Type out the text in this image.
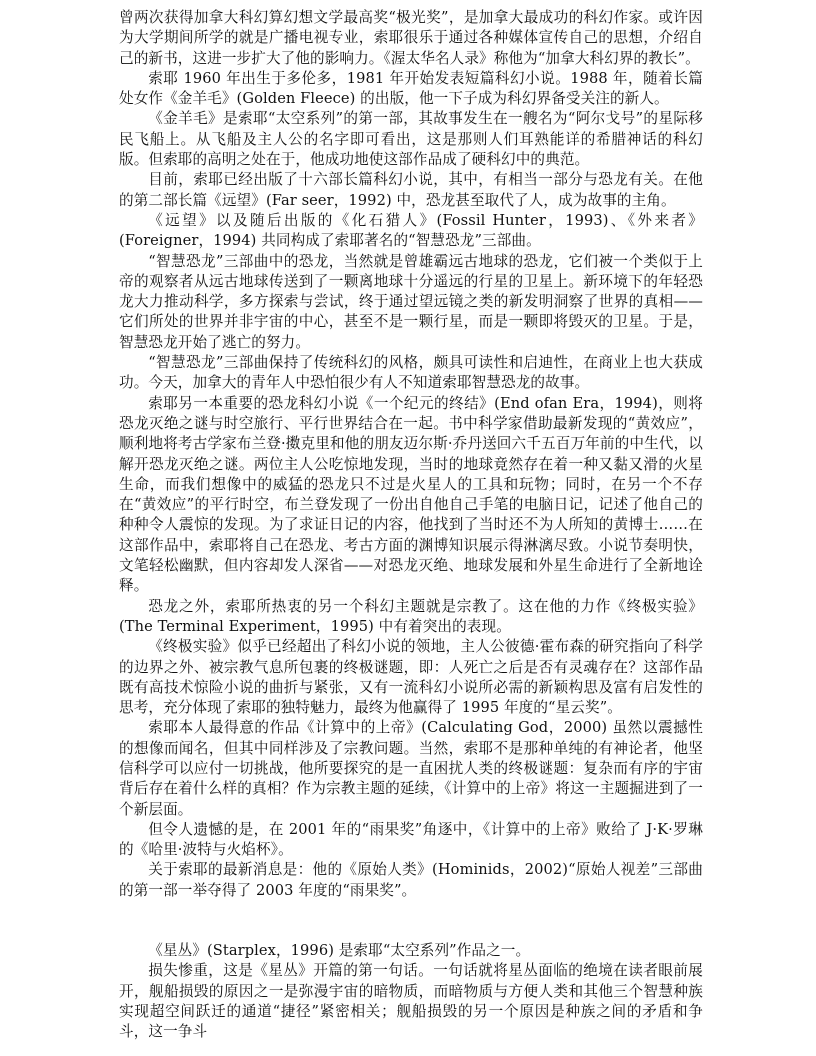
曾两次获得加拿大科幻算幻想文学最高奖“极光奖”，是加拿大最成功的科幻作家。或许因为大学期间所学的就是广播电视专业，索耶很乐于通过各种媒体宣传自己的思想，介绍自己的新书，这进一步扩大了他的影响力。《渥太华名人录》称他为“加拿大科幻界的教长”。

索耶 1960 年出生于多伦多，1981 年开始发表短篇科幻小说。1988 年，随着长篇处女作《金羊毛》(Golden Fleece) 的出版，他一下子成为科幻界备受关注的新人。

《金羊毛》是索耶“太空系列”的第一部，其故事发生在一艘名为“阿尔戈号”的星际移民飞船上。从飞船及主人公的名字即可看出，这是那则人们耳熟能详的希腊神话的科幻版。但索耶的高明之处在于，他成功地使这部作品成了硬科幻中的典范。

目前，索耶已经出版了十六部长篇科幻小说，其中，有相当一部分与恐龙有关。在他的第二部长篇《远望》(Far seer，1992) 中，恐龙甚至取代了人，成为故事的主角。

《远望》以及随后出版的《化石猎人》(Fossil Hunter，1993)、《外来者》(Foreigner，1994) 共同构成了索耶著名的“智慧恐龙”三部曲。

“智慧恐龙”三部曲中的恐龙，当然就是曾雄霸远古地球的恐龙，它们被一个类似于上帝的观察者从远古地球传送到了一颗离地球十分遥远的行星的卫星上。新环境下的年轻恐龙大力推动科学，多方探索与尝试，终于通过望远镜之类的新发明洞察了世界的真相——它们所处的世界并非宇宙的中心，甚至不是一颗行星，而是一颗即将毁灭的卫星。于是，智慧恐龙开始了逃亡的努力。

“智慧恐龙”三部曲保持了传统科幻的风格，颇具可读性和启迪性，在商业上也大获成功。今天，加拿大的青年人中恐怕很少有人不知道索耶智慧恐龙的故事。

索耶另一本重要的恐龙科幻小说《一个纪元的终结》(End ofan Era，1994)，则将恐龙灭绝之谜与时空旅行、平行世界结合在一起。书中科学家借助最新发现的“黄效应”，顺利地将考古学家布兰登·擞克里和他的朋友迈尔斯·乔丹送回六千五百万年前的中生代，以解开恐龙灭绝之谜。两位主人公吃惊地发现，当时的地球竟然存在着一种又黏又滑的火星生命，而我们想像中的威猛的恐龙只不过是火星人的工具和玩物；同时，在另一个不存在“黄效应”的平行时空，布兰登发现了一份出自他自己手笔的电脑日记，记述了他自己的种种令人震惊的发现。为了求证日记的内容，他找到了当时还不为人所知的黄博士……在这部作品中，索耶将自己在恐龙、考古方面的渊博知识展示得淋漓尽致。小说节奏明快，文笔轻松幽默，但内容却发人深省——对恐龙灭绝、地球发展和外星生命进行了全新地诠释。

恐龙之外，索耶所热衷的另一个科幻主题就是宗教了。这在他的力作《终极实验》(The Terminal Experiment，1995) 中有着突出的表现。

《终极实验》似乎已经超出了科幻小说的领地，主人公彼德·霍布森的研究指向了科学的边界之外、被宗教气息所包裹的终极谜题，即：人死亡之后是否有灵魂存在？这部作品既有高技术惊险小说的曲折与紧张，又有一流科幻小说所必需的新颖构思及富有启发性的思考，充分体现了索耶的独特魅力，最终为他赢得了 1995 年度的“星云奖”。

索耶本人最得意的作品《计算中的上帝》(Calculating God，2000) 虽然以震撼性的想像而闻名，但其中同样涉及了宗教问题。当然，索耶不是那种单纯的有神论者，他坚信科学可以应付一切挑战，他所要探究的是一直困扰人类的终极谜题：复杂而有序的宇宙背后存在着什么样的真相？作为宗教主题的延续，《计算中的上帝》将这一主题掘进到了一个新层面。

但令人遗憾的是，在 2001 年的“雨果奖”角逐中，《计算中的上帝》败给了 J·K·罗琳的《哈里·波特与火焰杯》。

关于索耶的最新消息是：他的《原始人类》(Hominids，2002)“原始人视差”三部曲的第一部一举夺得了 2003 年度的“雨果奖”。

《星丛》(Starplex，1996) 是索耶“太空系列”作品之一。

损失惨重，这是《星丛》开篇的第一句话。一句话就将星丛面临的绝境在读者眼前展开，舰船损毁的原因之一是弥漫宇宙的暗物质，而暗物质与方便人类和其他三个智慧种族实现超空间跃迁的通道“捷径”紧密相关；舰船损毁的另一个原因是种族之间的矛盾和争斗，这一争斗
